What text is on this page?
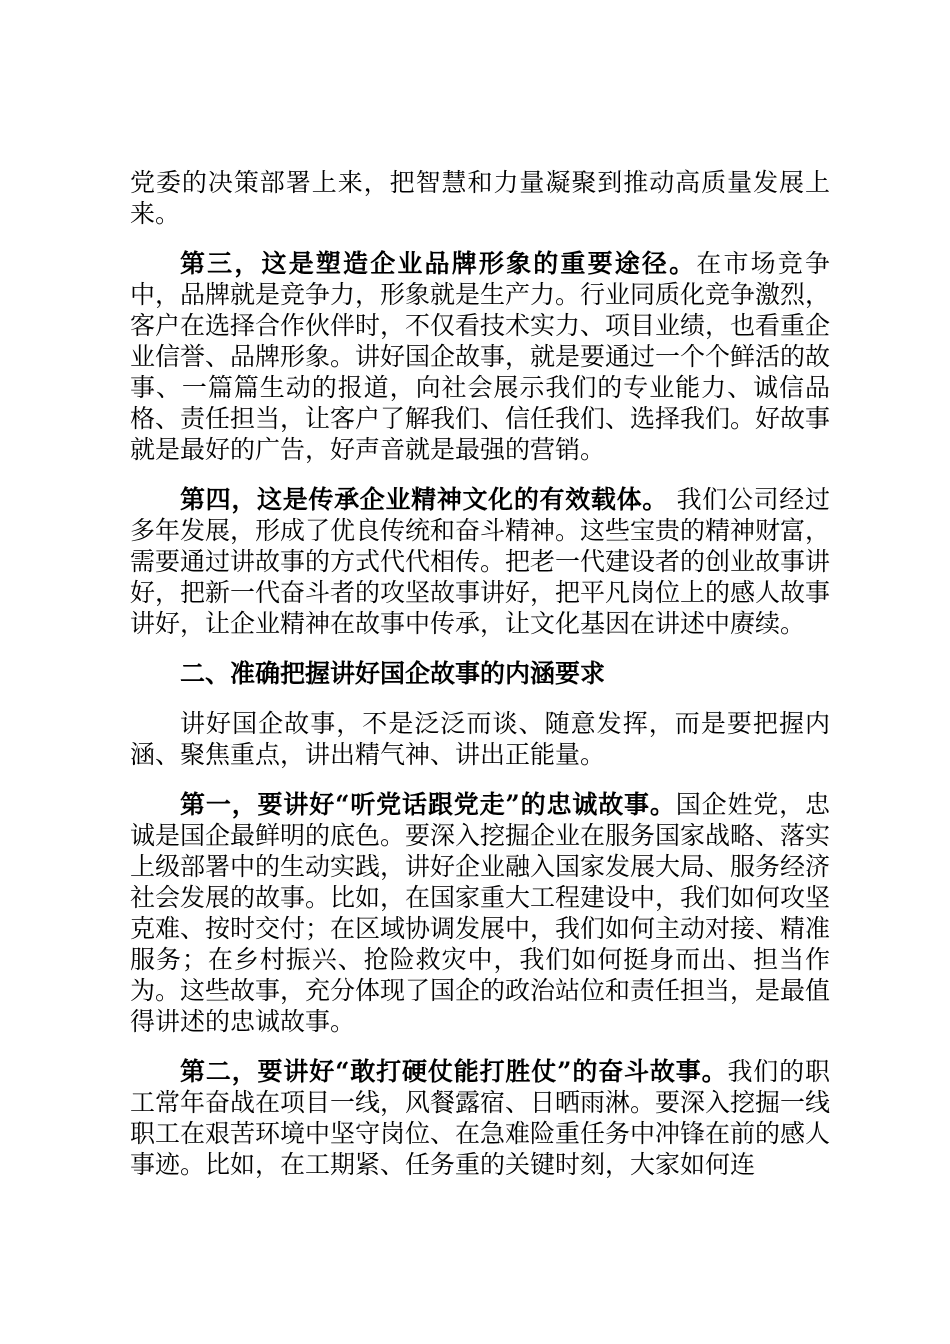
党委的决策部署上来，把智慧和力量凝聚到推动高质量发展上来。

第三，这是塑造企业品牌形象的重要途径。在市场竞争中，品牌就是竞争力，形象就是生产力。行业同质化竞争激烈，客户在选择合作伙伴时，不仅看技术实力、项目业绩，也看重企业信誉、品牌形象。讲好国企故事，就是要通过一个个鲜活的故事、一篇篇生动的报道，向社会展示我们的专业能力、诚信品格、责任担当，让客户了解我们、信任我们、选择我们。好故事就是最好的广告，好声音就是最强的营销。

第四，这是传承企业精神文化的有效载体。 我们公司经过多年发展，形成了优良传统和奋斗精神。这些宝贵的精神财富，需要通过讲故事的方式代代相传。把老一代建设者的创业故事讲好，把新一代奋斗者的攻坚故事讲好，把平凡岗位上的感人故事讲好，让企业精神在故事中传承，让文化基因在讲述中赓续。

二、准确把握讲好国企故事的内涵要求

讲好国企故事，不是泛泛而谈、随意发挥，而是要把握内涵、聚焦重点，讲出精气神、讲出正能量。

第一，要讲好“听党话跟党走”的忠诚故事。国企姓党，忠诚是国企最鲜明的底色。要深入挖掘企业在服务国家战略、落实上级部署中的生动实践，讲好企业融入国家发展大局、服务经济社会发展的故事。比如，在国家重大工程建设中，我们如何攻坚克难、按时交付；在区域协调发展中，我们如何主动对接、精准服务；在乡村振兴、抢险救灾中，我们如何挺身而出、担当作为。这些故事，充分体现了国企的政治站位和责任担当，是最值得讲述的忠诚故事。

第二，要讲好“敢打硬仗能打胜仗”的奋斗故事。我们的职工常年奋战在项目一线，风餐露宿、日晒雨淋。要深入挖掘一线职工在艰苦环境中坚守岗位、在急难险重任务中冲锋在前的感人事迹。比如，在工期紧、任务重的关键时刻，大家如何连
